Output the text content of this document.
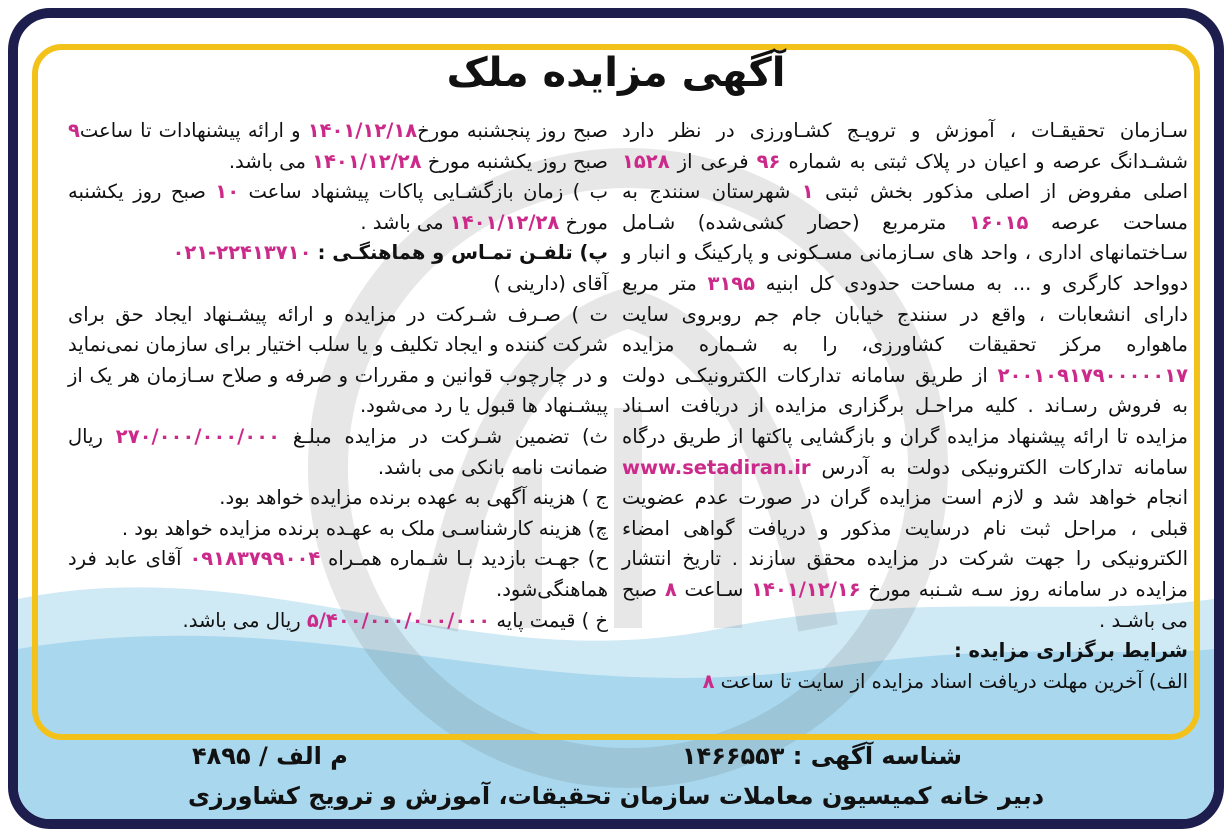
آگهی مزایده ملک

سـازمان تحقیقـات ، آموزش و ترویـج کشـاورزی در نظر دارد ششـدانگ عرصه و اعیان در پلاک ثبتی به شماره ۹۶ فرعی از ۱۵۲۸ اصلی مفروض از اصلی مذکور بخش ثبتی ۱ شهرستان سنندج به مساحت عرصه ۱۶۰۱۵ مترمربع (حصار کشی‌شده) شـامل سـاختمانهای اداری ، واحد های سـازمانی مسـکونی و پارکینگ و انبار و دوواحد کارگری و ... به مساحت حدودی کل ابنیه ۳۱۹۵ متر مربع دارای انشعابات ، واقع در سنندج خیابان جام جم روبروی سایت ماهواره مرکز تحقیقات کشاورزی، را به شـماره مزایده ۲۰۰۱۰۹۱۷۹۰۰۰۰۰۱۷ از طریق سامانه تدارکات الکترونیکـی دولت به فروش رسـاند . کلیه مراحـل برگزاری مزایده از دریافت اسـناد مزایده تا ارائه پیشنهاد مزایده گران و بازگشایی پاکتها از طریق درگاه سامانه تدارکات الکترونیکی دولت به آدرس www.setadiran.ir انجام خواهد شد و لازم است مزایده گران در صورت عدم عضویت قبلی ، مراحل ثبت نام درسایت مذکور و دریافت گواهی امضاء الکترونیکی را جهت شرکت در مزایده محقق سازند . تاریخ انتشار مزایده در سامانه روز سـه شـنبه مورخ ۱۴۰۱/۱۲/۱۶ سـاعت ۸ صبح می باشـد .

شرایط برگزاری مزایده :

الف) آخرین مهلت دریافت اسناد مزایده از سایت تا ساعت ۸

صبح روز پنجشنبه مورخ۱۴۰۱/۱۲/۱۸ و ارائه پیشنهادات تا ساعت۹ صبح روز یکشنبه مورخ ۱۴۰۱/۱۲/۲۸ می باشد.

ب ) زمان بازگشـایی پاکات پیشنهاد ساعت ۱۰ صبح روز یکشنبه مورخ ۱۴۰۱/۱۲/۲۸ می باشد .

پ) تلفـن تمـاس و هماهنگـی : ۰۲۱-۲۲۴۱۳۷۱۰

آقای (دارینی )

ت ) صـرف شـرکت در مزایده و ارائه پیشـنهاد ایجاد حق برای شرکت کننده و ایجاد تکلیف و یا سلب اختیار برای سازمان نمی‌نماید و در چارچوب قوانین و مقررات و صرفه و صلاح سـازمان هر یک از پیشـنهاد ها قبول یا رد می‌شود.

ث) تضمین شـرکت در مزایده مبلـغ ۲۷۰/۰۰۰/۰۰۰/۰۰۰ ریال ضمانت نامه بانکی می باشد.

ج ) هزینه آگهی به عهده برنده مزایده خواهد بود.

چ) هزینه کارشناسـی ملک به عهـده برنده مزایده خواهد بود .

ح) جهـت بازدید بـا شـماره همـراه ۰۹۱۸۳۷۹۹۰۰۴ آقای عابد فرد هماهنگی‌شود.

خ ) قیمت پایه ۵/۴۰۰/۰۰۰/۰۰۰/۰۰۰ ریال می باشد.

شناسه آگهی : ۱۴۶۶۵۵۳
م الف / ۴۸۹۵
دبیر خانه کمیسیون معاملات سازمان تحقیقات، آموزش و ترویج کشاورزی
